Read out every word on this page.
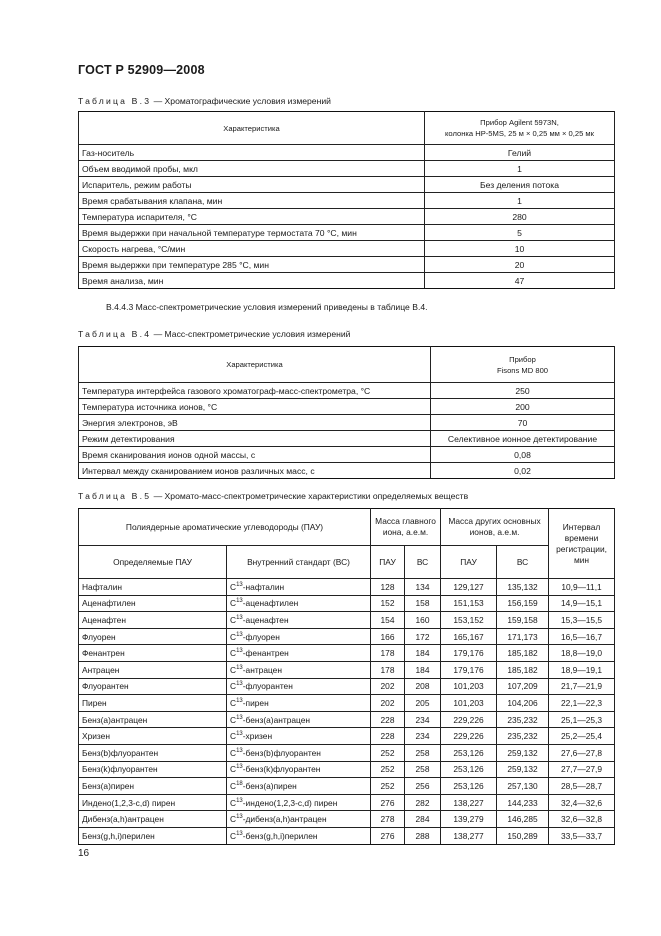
ГОСТ Р 52909—2008
Таблица В.3 — Хроматографические условия измерений
Характеристика	Прибор Agilent 5973N,
колонка HP-5MS, 25 м × 0,25 мм × 0,25 мк

Газ-носитель	Гелий
Объем вводимой пробы, мкл	1
Испаритель, режим работы	Без деления потока
Время срабатывания клапана, мин	1
Температура испарителя, °С	280
Время выдержки при начальной температуре термостата 70 °С, мин	5
Скорость нагрева, °С/мин	10
Время выдержки при температуре 285 °С, мин	20
Время анализа, мин	47
В.4.4.3 Масс-спектрометрические условия измерений приведены в таблице В.4.
Таблица В.4 — Масс-спектрометрические условия измерений
Характеристика	Прибор
Fisons MD 800

Температура интерфейса газового хроматограф-масс-спектрометра, °С	250
Температура источника ионов, °С	200
Энергия электронов, эВ	70
Режим детектирования	Селективное ионное детектирование
Время сканирования ионов одной массы, с	0,08
Интервал между сканированием ионов различных масс, с	0,02
Таблица В.5 — Хромато-масс-спектрометрические характеристики определяемых веществ
Полиядерные ароматические углеводороды (ПАУ)		Масса главного иона, а.е.м.		Масса других основных ионов, а.е.м.		Интервал времени регистрации, мин
Определяемые ПАУ	Внутренний стандарт (ВС)	ПАУ	ВС	ПАУ	ВС	
Нафталин	$C^{13}$-нафталин	128	134	129,127	135,132	10,9—11,1
Аценафтилен	$C^{13}$-аценафтилен	152	158	151,153	156,159	14,9—15,1
Аценафтен	$C^{13}$-аценафтен	154	160	153,152	159,158	15,3—15,5
Флуорен	$C^{13}$-флуорен	166	172	165,167	171,173	16,5—16,7
Фенантрен	$C^{13}$-фенантрен	178	184	179,176	185,182	18,8—19,0
Антрацен	$C^{13}$-антрацен	178	184	179,176	185,182	18,9—19,1
Флуорантен	$C^{13}$-флуорантен	202	208	101,203	107,209	21,7—21,9
Пирен	$C^{13}$-пирен	202	205	101,203	104,206	22,1—22,3
Бенз(а)антрацен	$C^{13}-бенз(а)антрацен$	228	234	229,226	235,232	25,1—25,3
Хризен	$C^{13}$-хризен	228	234	229,226	235,232	25,2—25,4
Бенз(b)флуорантен	$C^{13}-бенз(b)флуорантен$	252	258	253,126	259,132	27,6—27,8
Бенз(k)флуорантен	$C^{13}-бенз(k)флуорантен$	252	258	253,126	259,132	27,7—27,9
Бенз(а)пирен	$C^{18}-бенз(а)пирен$	252	256	253,126	257,130	28,5—28,7
Индено(1,2,3-c,d) пирен	$C^{13}-индено(1,2,3-c,d)$ пирен	276	282	138,227	144,233	32,4—32,6
Дибенз(а,h)антрацен	$C^{13}-дибенз(а,h)антрацен$	278	284	139,279	146,285	32,6—32,8
Бенз(g,h,i)перилен	$C^{13}-бенз(g,h,i)перилен$	276	288	138,277	150,289	33,5—33,7
16
